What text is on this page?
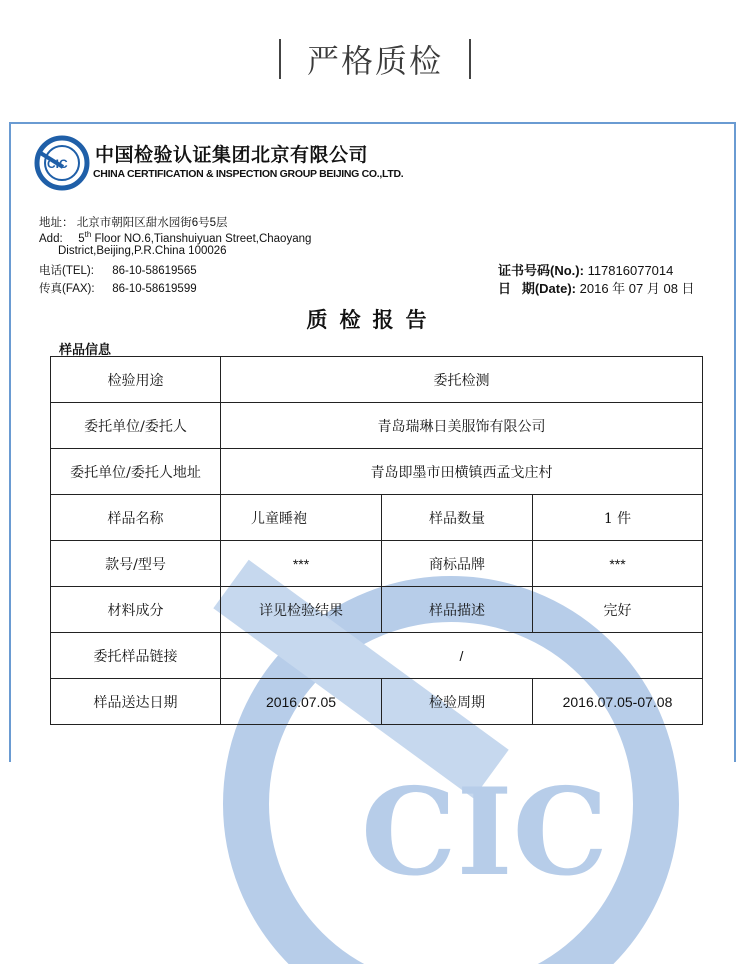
严格质检
CIC
CIC 中国检验认证集团北京有限公司
CHINA CERTIFICATION & INSPECTION GROUP BEIJING CO.,LTD.
地址： 北京市朝阳区甜水园街6号5层
Add: 5th Floor NO.6,Tianshuiyuan Street,Chaoyang
District,Beijing,P.R.China 100026
电话(TEL): 86-10-58619565
传真(FAX): 86-10-58619599
证书号码(No.): 117816077014
日   期(Date): 2016 年 07 月 08 日
质检报告
样品信息
检验用途	委托检测		
委托单位/委托人	青岛瑞琳日美服饰有限公司		
委托单位/委托人地址	青岛即墨市田横镇西孟戈庄村		
样品名称	儿童睡袍	样品数量	1 件
款号/型号	***	商标品牌	***
材料成分	详见检验结果	样品描述	完好
委托样品链接	/		
样品送达日期	2016.07.05	检验周期	2016.07.05-07.08
